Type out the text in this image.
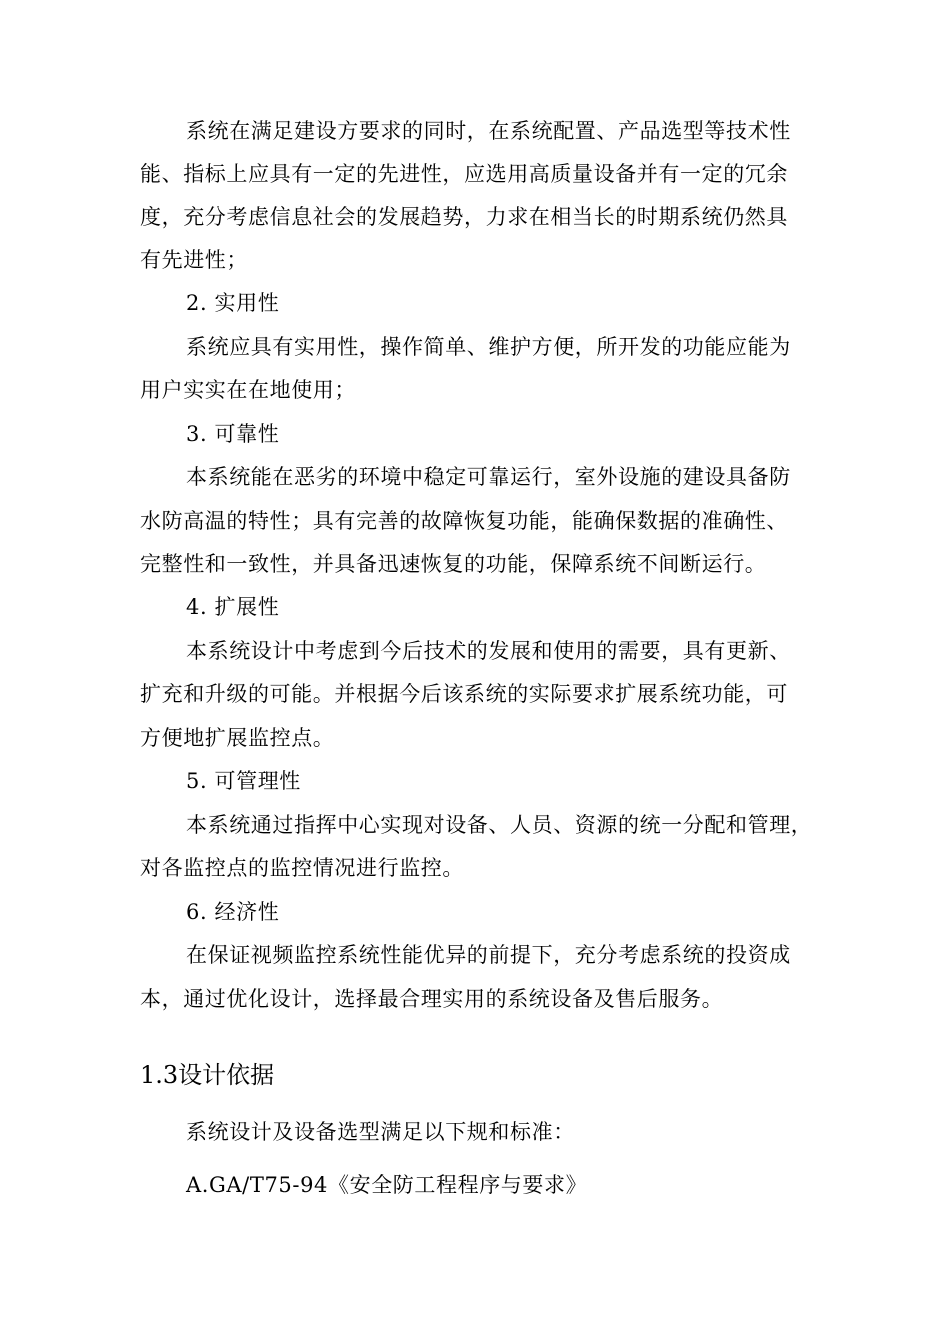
系统在满足建设方要求的同时，在系统配置、产品选型等技术性
能、指标上应具有一定的先进性，应选用高质量设备并有一定的冗余
度，充分考虑信息社会的发展趋势，力求在相当长的时期系统仍然具
有先进性；
2. 实用性
系统应具有实用性，操作简单、维护方便，所开发的功能应能为
用户实实在在地使用；
3. 可靠性
本系统能在恶劣的环境中稳定可靠运行，室外设施的建设具备防
水防高温的特性；具有完善的故障恢复功能，能确保数据的准确性、
完整性和一致性，并具备迅速恢复的功能，保障系统不间断运行。
4. 扩展性
本系统设计中考虑到今后技术的发展和使用的需要，具有更新、
扩充和升级的可能。并根据今后该系统的实际要求扩展系统功能，可
方便地扩展监控点。
5. 可管理性
本系统通过指挥中心实现对设备、人员、资源的统一分配和管理，
对各监控点的监控情况进行监控。
6. 经济性
在保证视频监控系统性能优异的前提下，充分考虑系统的投资成
本，通过优化设计，选择最合理实用的系统设备及售后服务。
1.3设计依据
系统设计及设备选型满足以下规和标准：
A.GA/T75-94《安全防工程程序与要求》
